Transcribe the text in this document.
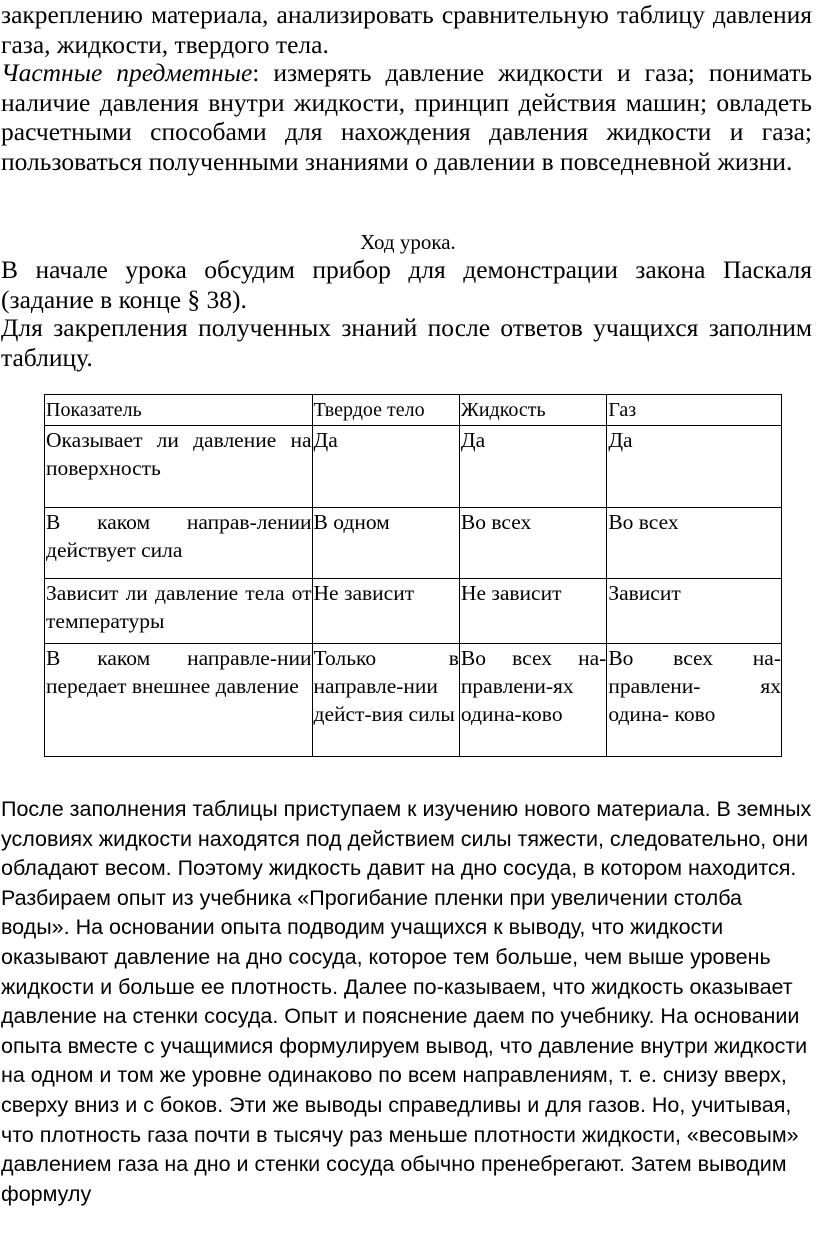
закреплению материала, анализировать сравнительную таблицу давления газа, жидкости, твердого тела.

Частные предметные: измерять давление жидкости и газа; понимать наличие давления внутри жидкости, принцип действия машин; овладеть расчетными способами для нахождения давления жидкости и газа; пользоваться полученными знаниями о давлении в повседневной жизни.

Ход урока.

В начале урока обсудим прибор для демонстрации закона Паскаля (задание в конце § 38).

Для закрепления полученных знаний после ответов учащихся заполним таблицу.

Показатель	Твердое тело	Жидкость	Газ
Оказывает ли давление на поверхность	Да	Да	Да
В каком направ-лении действует сила	В одном	Во всех	Во всех
Зависит ли давление тела от температуры	Не зависит	Не зависит	Зависит
В каком направле-нии передает внешнее давление	Только в направле-нии дейст-вия силы	Во всех на-правлени-ях одина-ково	Во всех на-правлени- ях одина- ково

После заполнения таблицы приступаем к изучению нового материала. В земных условиях жидкости находятся под действием силы тяжести, следовательно, они обладают весом. Поэтому жидкость давит на дно сосуда, в котором находится. Разбираем опыт из учебника «Прогибание пленки при увеличении столба воды». На основании опыта подводим учащихся к выводу, что жидкости оказывают давление на дно сосуда, которое тем больше, чем выше уровень жидкости и больше ее плотность. Далее по-казываем, что жидкость оказывает давление на стенки сосуда. Опыт и пояснение даем по учебнику. На основании опыта вместе с учащимися формулируем вывод, что давление внутри жидкости на одном и том же уровне одинаково по всем направлениям, т. е. снизу вверх, сверху вниз и с боков. Эти же выводы справедливы и для газов. Но, учитывая, что плотность газа почти в тысячу раз меньше плотности жидкости, «весовым» давлением газа на дно и стенки сосуда обычно пренебрегают. Затем выводим формулу
